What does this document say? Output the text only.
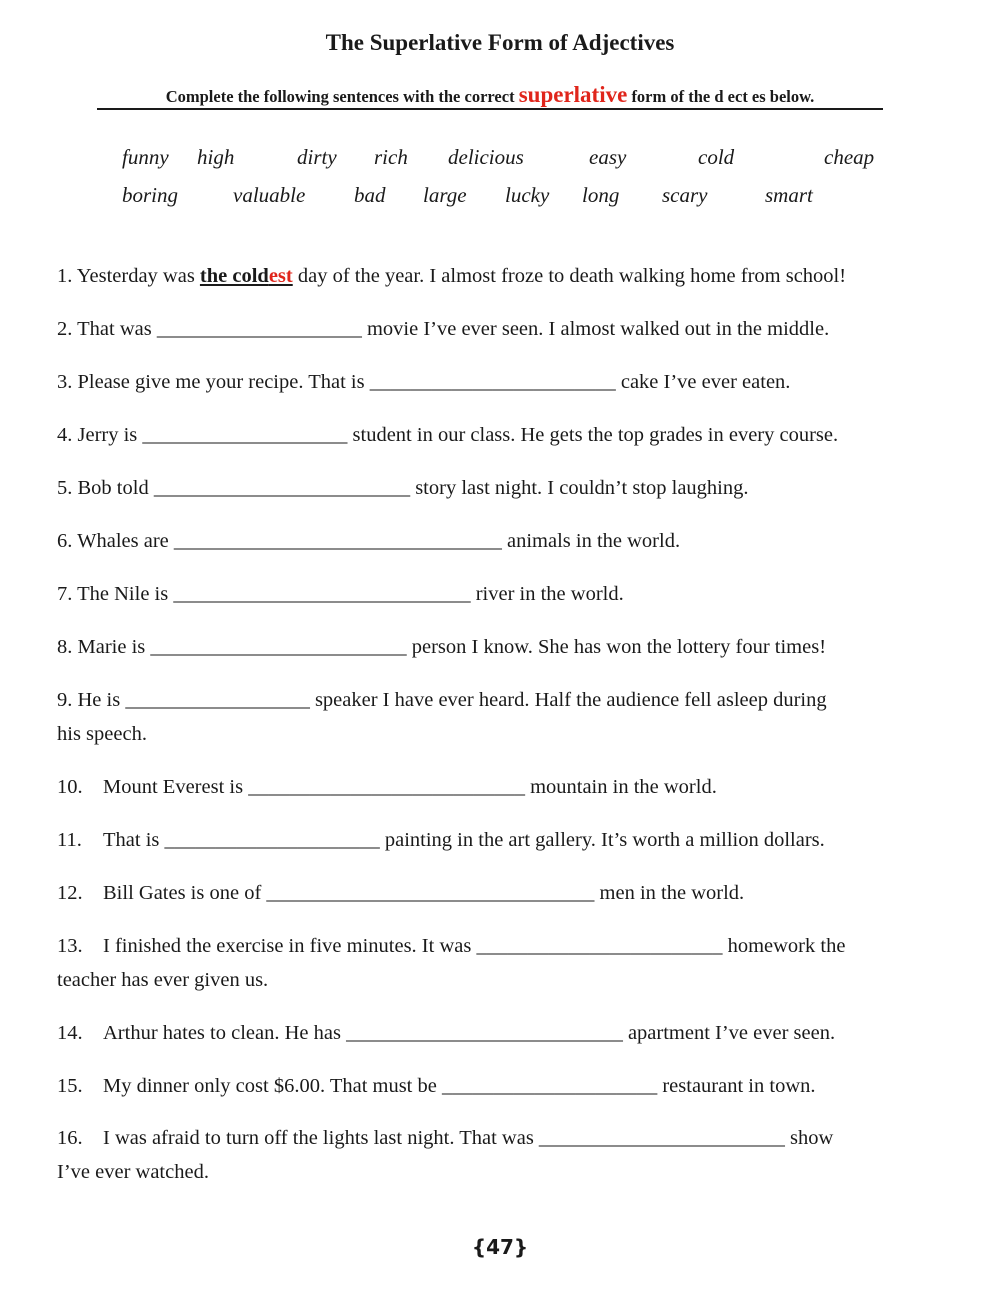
The Superlative Form of Adjectives
Complete the following sentences with the correct superlative form of the d ect es below.
funny high	dirty rich delicious	easy	cold	cheap
boring	valuable bad large lucky long scary	smart
1. Yesterday was the coldest day of the year. I almost froze to death walking home from school!
2. That was ____________________ movie I’ve ever seen. I almost walked out in the middle.
3. Please give me your recipe. That is ________________________ cake I’ve ever eaten.
4. Jerry is ____________________ student in our class. He gets the top grades in every course.
5. Bob told _________________________ story last night. I couldn’t stop laughing.
6. Whales are ________________________________ animals in the world.
7. The Nile is _____________________________ river in the world.
8. Marie is _________________________ person I know. She has won the lottery four times!
9. He is __________________ speaker I have ever heard. Half the audience fell asleep during
his speech.
10. Mount Everest is ___________________________ mountain in the world.
11. That is _____________________ painting in the art gallery. It’s worth a million dollars.
12. Bill Gates is one of ________________________________ men in the world.
13. I finished the exercise in five minutes. It was ________________________ homework the
teacher has ever given us.
14. Arthur hates to clean. He has ___________________________ apartment I’ve ever seen.
15. My dinner only cost $6.00. That must be _____________________ restaurant in town.
16. I was afraid to turn off the lights last night. That was ________________________ show
I’ve ever watched.
{47}
